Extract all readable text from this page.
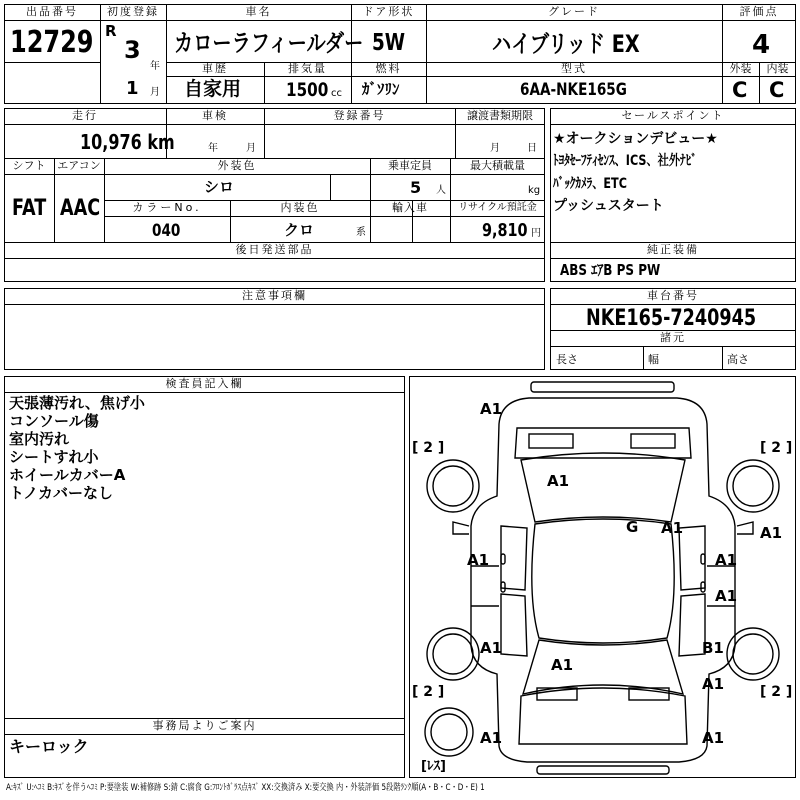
出品番号
12729
初度登録
R
3
年
1 月
車名
カローラフィールダー
車歴
自家用
排気量
1500 cc
ドア形状
5W
燃料
ｶﾞｿﾘﾝ
グレード
ハイブリッド EX
型式
6AA-NKE165G
評価点
4
外装	内装
C C
走行
10,976 km
車検
年	月
登録番号	譲渡書類期限
月	日
シフト
FAT
エアコン
AAC
外装色
シロ
乗車定員
5 人
最大積載量
kg
カラーNo.
040
内装色
クロ	系
輸入車	リサイクル預託金
9,810 円
後日発送部品
セールスポイント
★オークションデビュー★
ﾄﾖﾀｾｰﾌﾃｨｾﾝｽ、ICS、社外ﾅﾋﾞ
ﾊﾞｯｸｶﾒﾗ、ETC
プッシュスタート
純正装備
ABS ｴｱB PS PW
注意事項欄	車台番号
NKE165-7240945
諸元
長さ	幅	高さ
検査員記入欄
天張薄汚れ、焦げ小
コンソール傷
室内汚れ
シートすれ小
ホイールカバーA
トノカバーなし
事務局よりご案内
キーロック
A1
A1
G A1	A1
A1	A1
A1
A1	B1
A1
A1
A1	A1
[ 2 ]	[ 2 ]
[ 2 ]	[ 2 ]
[ﾚｽ]
A:ｷｽﾞ U:ﾍｺﾐ B:ｷｽﾞを伴うﾍｺﾐ P:要塗装 W:補修跡 S:錆 C:腐食 G:ﾌﾛﾝﾄｶﾞﾗｽ点ｷｽﾞ XX:交換済み X:要交換 内・外装評価 5段階ﾗﾝｸ順(A・B・C・D・E) 1
